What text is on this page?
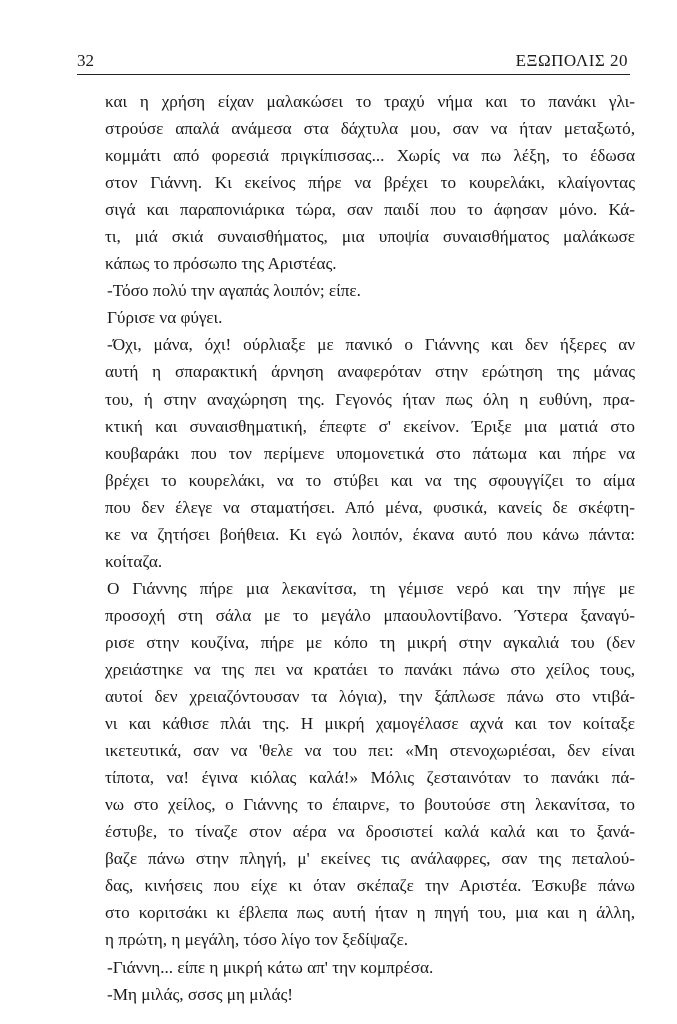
32	ΕΞΩΠΟΛΙΣ 20
και η χρήση είχαν μαλακώσει το τραχύ νήμα και το πανάκι γλι-
στρούσε απαλά ανάμεσα στα δάχτυλα μου, σαν να ήταν μεταξωτό,
κομμάτι από φορεσιά πριγκίπισσας... Χωρίς να πω λέξη, το έδωσα
στον Γιάννη. Κι εκείνος πήρε να βρέχει το κουρελάκι, κλαίγοντας
σιγά και παραπονιάρικα τώρα, σαν παιδί που το άφησαν μόνο. Κά-
τι, μιά σκιά συναισθήματος, μια υποψία συναισθήματος μαλάκωσε
κάπως το πρόσωπο της Αριστέας.
-Τόσο πολύ την αγαπάς λοιπόν; είπε.
Γύρισε να φύγει.
-Όχι, μάνα, όχι! ούρλιαξε με πανικό ο Γιάννης και δεν ήξερες αν
αυτή η σπαρακτική άρνηση αναφερόταν στην ερώτηση της μάνας
του, ή στην αναχώρηση της. Γεγονός ήταν πως όλη η ευθύνη, πρα-
κτική και συναισθηματική, έπεφτε σ' εκείνον. Έριξε μια ματιά στο
κουβαράκι που τον περίμενε υπομονετικά στο πάτωμα και πήρε να
βρέχει το κουρελάκι, να το στύβει και να της σφουγγίζει το αίμα
που δεν έλεγε να σταματήσει. Από μένα, φυσικά, κανείς δε σκέφτη-
κε να ζητήσει βοήθεια. Κι εγώ λοιπόν, έκανα αυτό που κάνω πάντα:
κοίταζα.
Ο Γιάννης πήρε μια λεκανίτσα, τη γέμισε νερό και την πήγε με
προσοχή στη σάλα με το μεγάλο μπαουλοντίβανο. Ύστερα ξαναγύ-
ρισε στην κουζίνα, πήρε με κόπο τη μικρή στην αγκαλιά του (δεν
χρειάστηκε να της πει να κρατάει το πανάκι πάνω στο χείλος τους,
αυτοί δεν χρειαζόντουσαν τα λόγια), την ξάπλωσε πάνω στο ντιβά-
νι και κάθισε πλάι της. Η μικρή χαμογέλασε αχνά και τον κοίταξε
ικετευτικά, σαν να 'θελε να του πει: «Μη στενοχωριέσαι, δεν είναι
τίποτα, να! έγινα κιόλας καλά!» Μόλις ζεσταινόταν το πανάκι πά-
νω στο χείλος, ο Γιάννης το έπαιρνε, το βουτούσε στη λεκανίτσα, το
έστυβε, το τίναζε στον αέρα να δροσιστεί καλά καλά και το ξανά-
βαζε πάνω στην πληγή, μ' εκείνες τις ανάλαφρες, σαν της πεταλού-
δας, κινήσεις που είχε κι όταν σκέπαζε την Αριστέα. Έσκυβε πάνω
στο κοριτσάκι κι έβλεπα πως αυτή ήταν η πηγή του, μια και η άλλη,
η πρώτη, η μεγάλη, τόσο λίγο τον ξεδίψαζε.
-Γιάννη... είπε η μικρή κάτω απ' την κομπρέσα.
-Μη μιλάς, σσσς μη μιλάς!
